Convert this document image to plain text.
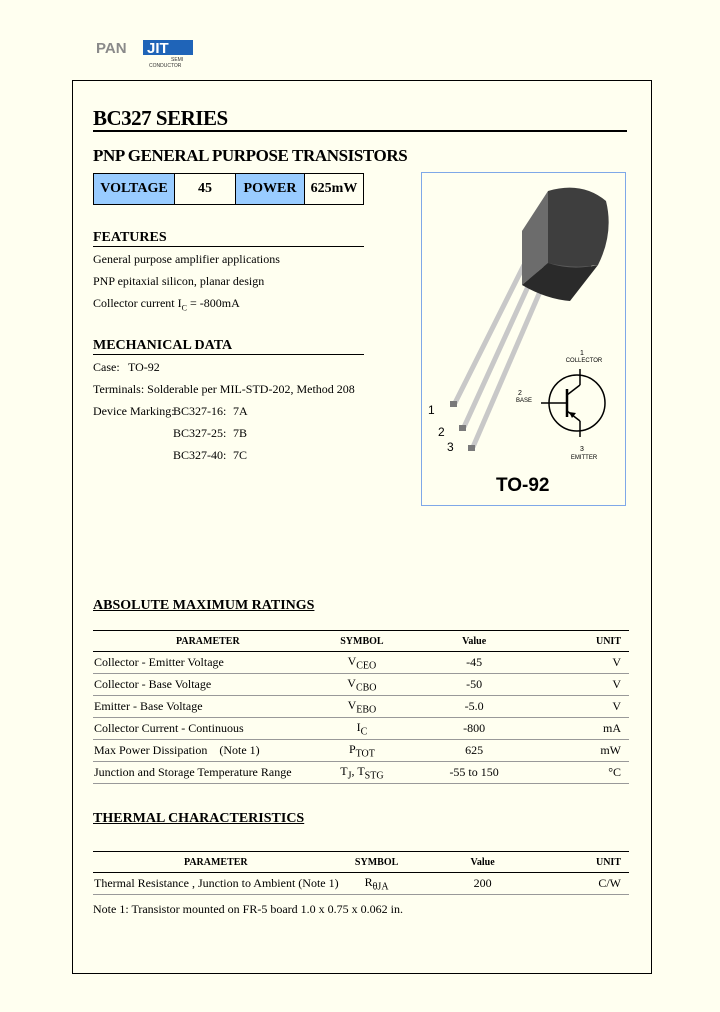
PAN JIT
SEMI
CONDUCTOR
BC327 SERIES
PNP GENERAL PURPOSE TRANSISTORS
VOLTAGE	45	POWER	625mW
FEATURES
General purpose amplifier applications
PNP epitaxial silicon, planar design
Collector current $I_C = -800mA$
MECHANICAL DATA
Case: TO-92
Terminals: Solderable per MIL-STD-202, Method 208
Device Marking:
BC327-16: 7A
BC327-25: 7B
BC327-40: 7C
1
2
3
1
COLLECTOR
2
BASE
3
EMITTER
TO-92
ABSOLUTE MAXIMUM RATINGS
PARAMETER	SYMBOL	Value	UNIT
Collector - Emitter Voltage	$V_{CEO}$	-45	V
Collector - Base Voltage	$V_{CBO}$	-50	V
Emitter - Base Voltage	$V_{EBO}$	-5.0	V
Collector Current - Continuous	$I_C$	-800	mA
Max Power Dissipation    (Note 1)	$P_{TOT}$	625	mW
Junction and Storage Temperature Range	$T_J$, $T_{STG}$	-55 to 150	°C
THERMAL CHARACTERISTICS
PARAMETER	SYMBOL	Value	UNIT
Thermal Resistance , Junction to Ambient (Note 1)	$R_{\theta JA}$	200	C/W
Note 1: Transistor mounted on FR-5 board 1.0 x 0.75 x 0.062 in.
